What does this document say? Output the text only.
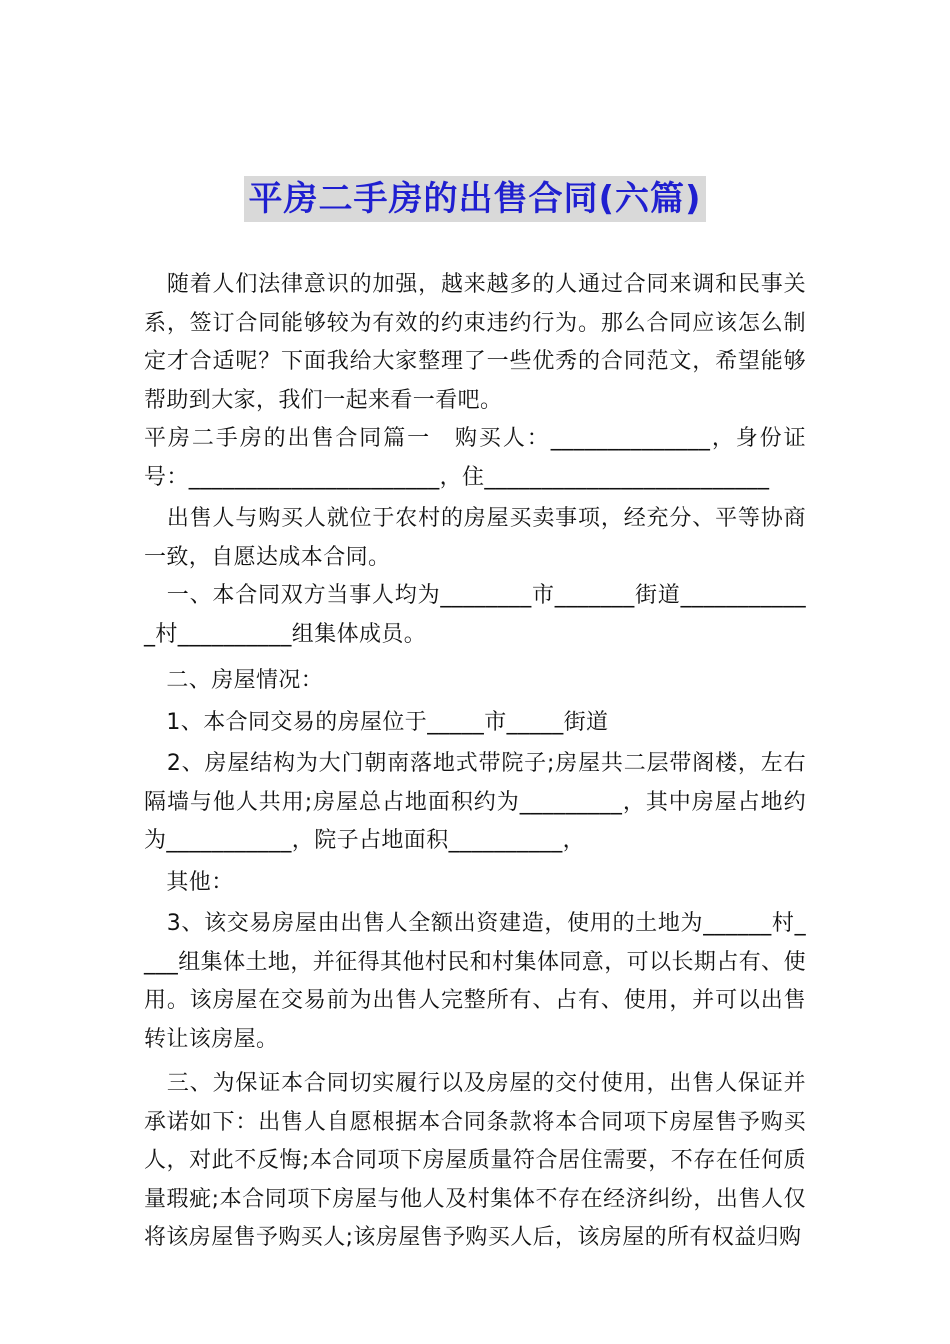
平房二手房的出售合同(六篇)

　随着人们法律意识的加强，越来越多的人通过合同来调和民事关系，签订合同能够较为有效的约束违约行为。那么合同应该怎么制定才合适呢？下面我给大家整理了一些优秀的合同范文，希望能够帮助到大家，我们一起来看一看吧。

平房二手房的出售合同篇一　购买人：______________，身份证号：______________________，住_________________________

　出售人与购买人就位于农村的房屋买卖事项，经充分、平等协商一致，自愿达成本合同。

　一、本合同双方当事人均为________市_______街道____________村__________组集体成员。

　二、房屋情况：

　1、本合同交易的房屋位于_____市_____街道

　2、房屋结构为大门朝南落地式带院子;房屋共二层带阁楼，左右隔墙与他人共用;房屋总占地面积约为_________，其中房屋占地约为___________，院子占地面积__________，

　其他：

　3、该交易房屋由出售人全额出资建造，使用的土地为______村____组集体土地，并征得其他村民和村集体同意，可以长期占有、使用。该房屋在交易前为出售人完整所有、占有、使用，并可以出售转让该房屋。

　三、为保证本合同切实履行以及房屋的交付使用，出售人保证并承诺如下：出售人自愿根据本合同条款将本合同项下房屋售予购买人，对此不反悔;本合同项下房屋质量符合居住需要，不存在任何质量瑕疵;本合同项下房屋与他人及村集体不存在经济纠纷，出售人仅将该房屋售予购买人;该房屋售予购买人后，该房屋的所有权益归购
